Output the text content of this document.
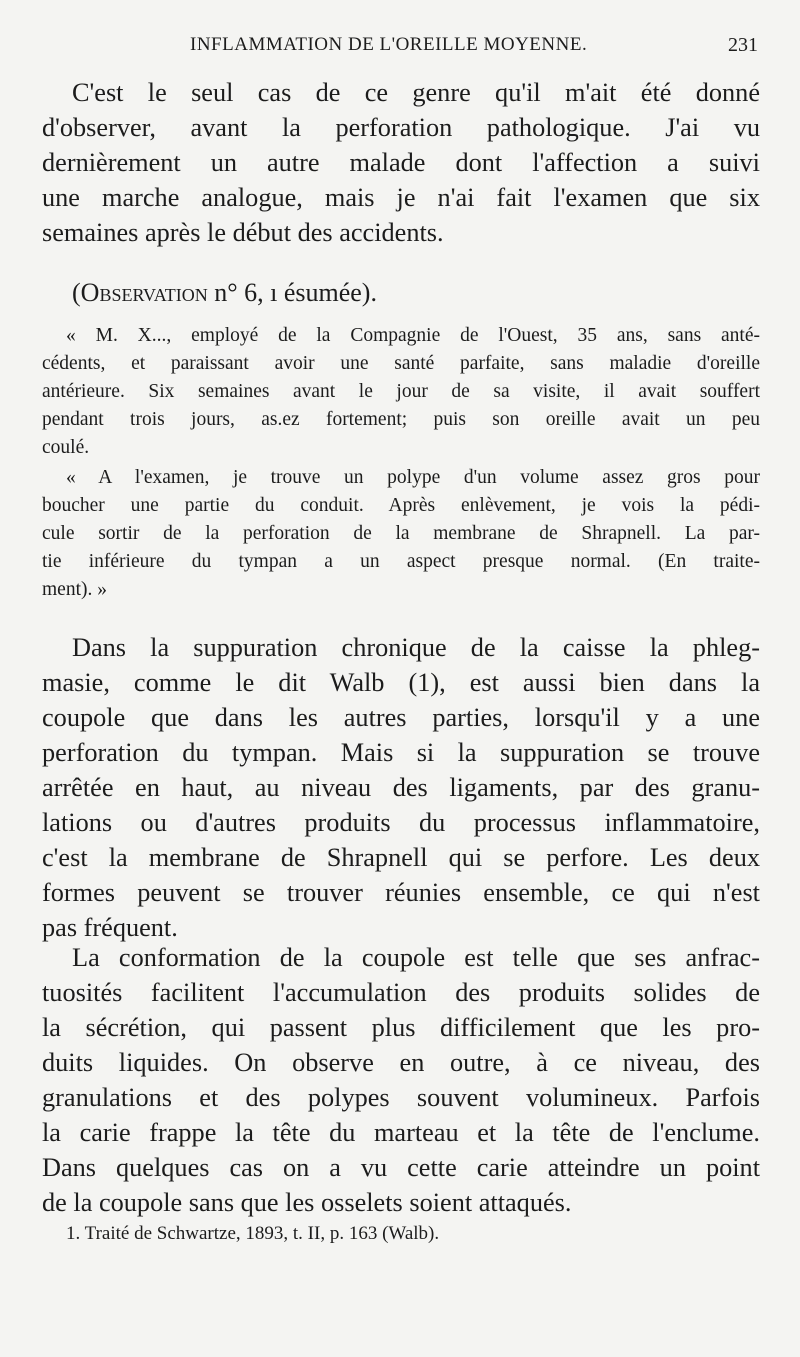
INFLAMMATION DE L'OREILLE MOYENNE.	231
C'est le seul cas de ce genre qu'il m'ait été donné
d'observer, avant la perforation pathologique. J'ai vu
dernièrement un autre malade dont l'affection a suivi
une marche analogue, mais je n'ai fait l'examen que six
semaines après le début des accidents.
(Observation n° 6, ı ésumée).
« M. X..., employé de la Compagnie de l'Ouest, 35 ans, sans anté-
cédents, et paraissant avoir une santé parfaite, sans maladie d'oreille
antérieure. Six semaines avant le jour de sa visite, il avait souffert
pendant trois jours, as.ez fortement; puis son oreille avait un peu
coulé.
« A l'examen, je trouve un polype d'un volume assez gros pour
boucher une partie du conduit. Après enlèvement, je vois la pédi-
cule sortir de la perforation de la membrane de Shrapnell. La par-
tie inférieure du tympan a un aspect presque normal. (En traite-
ment). »
Dans la suppuration chronique de la caisse la phleg-
masie, comme le dit Walb (1), est aussi bien dans la
coupole que dans les autres parties, lorsqu'il y a une
perforation du tympan. Mais si la suppuration se trouve
arrêtée en haut, au niveau des ligaments, par des granu-
lations ou d'autres produits du processus inflammatoire,
c'est la membrane de Shrapnell qui se perfore. Les deux
formes peuvent se trouver réunies ensemble, ce qui n'est
pas fréquent.
La conformation de la coupole est telle que ses anfrac-
tuosités facilitent l'accumulation des produits solides de
la sécrétion, qui passent plus difficilement que les pro-
duits liquides. On observe en outre, à ce niveau, des
granulations et des polypes souvent volumineux. Parfois
la carie frappe la tête du marteau et la tête de l'enclume.
Dans quelques cas on a vu cette carie atteindre un point
de la coupole sans que les osselets soient attaqués.
1. Traité de Schwartze, 1893, t. II, p. 163 (Walb).
